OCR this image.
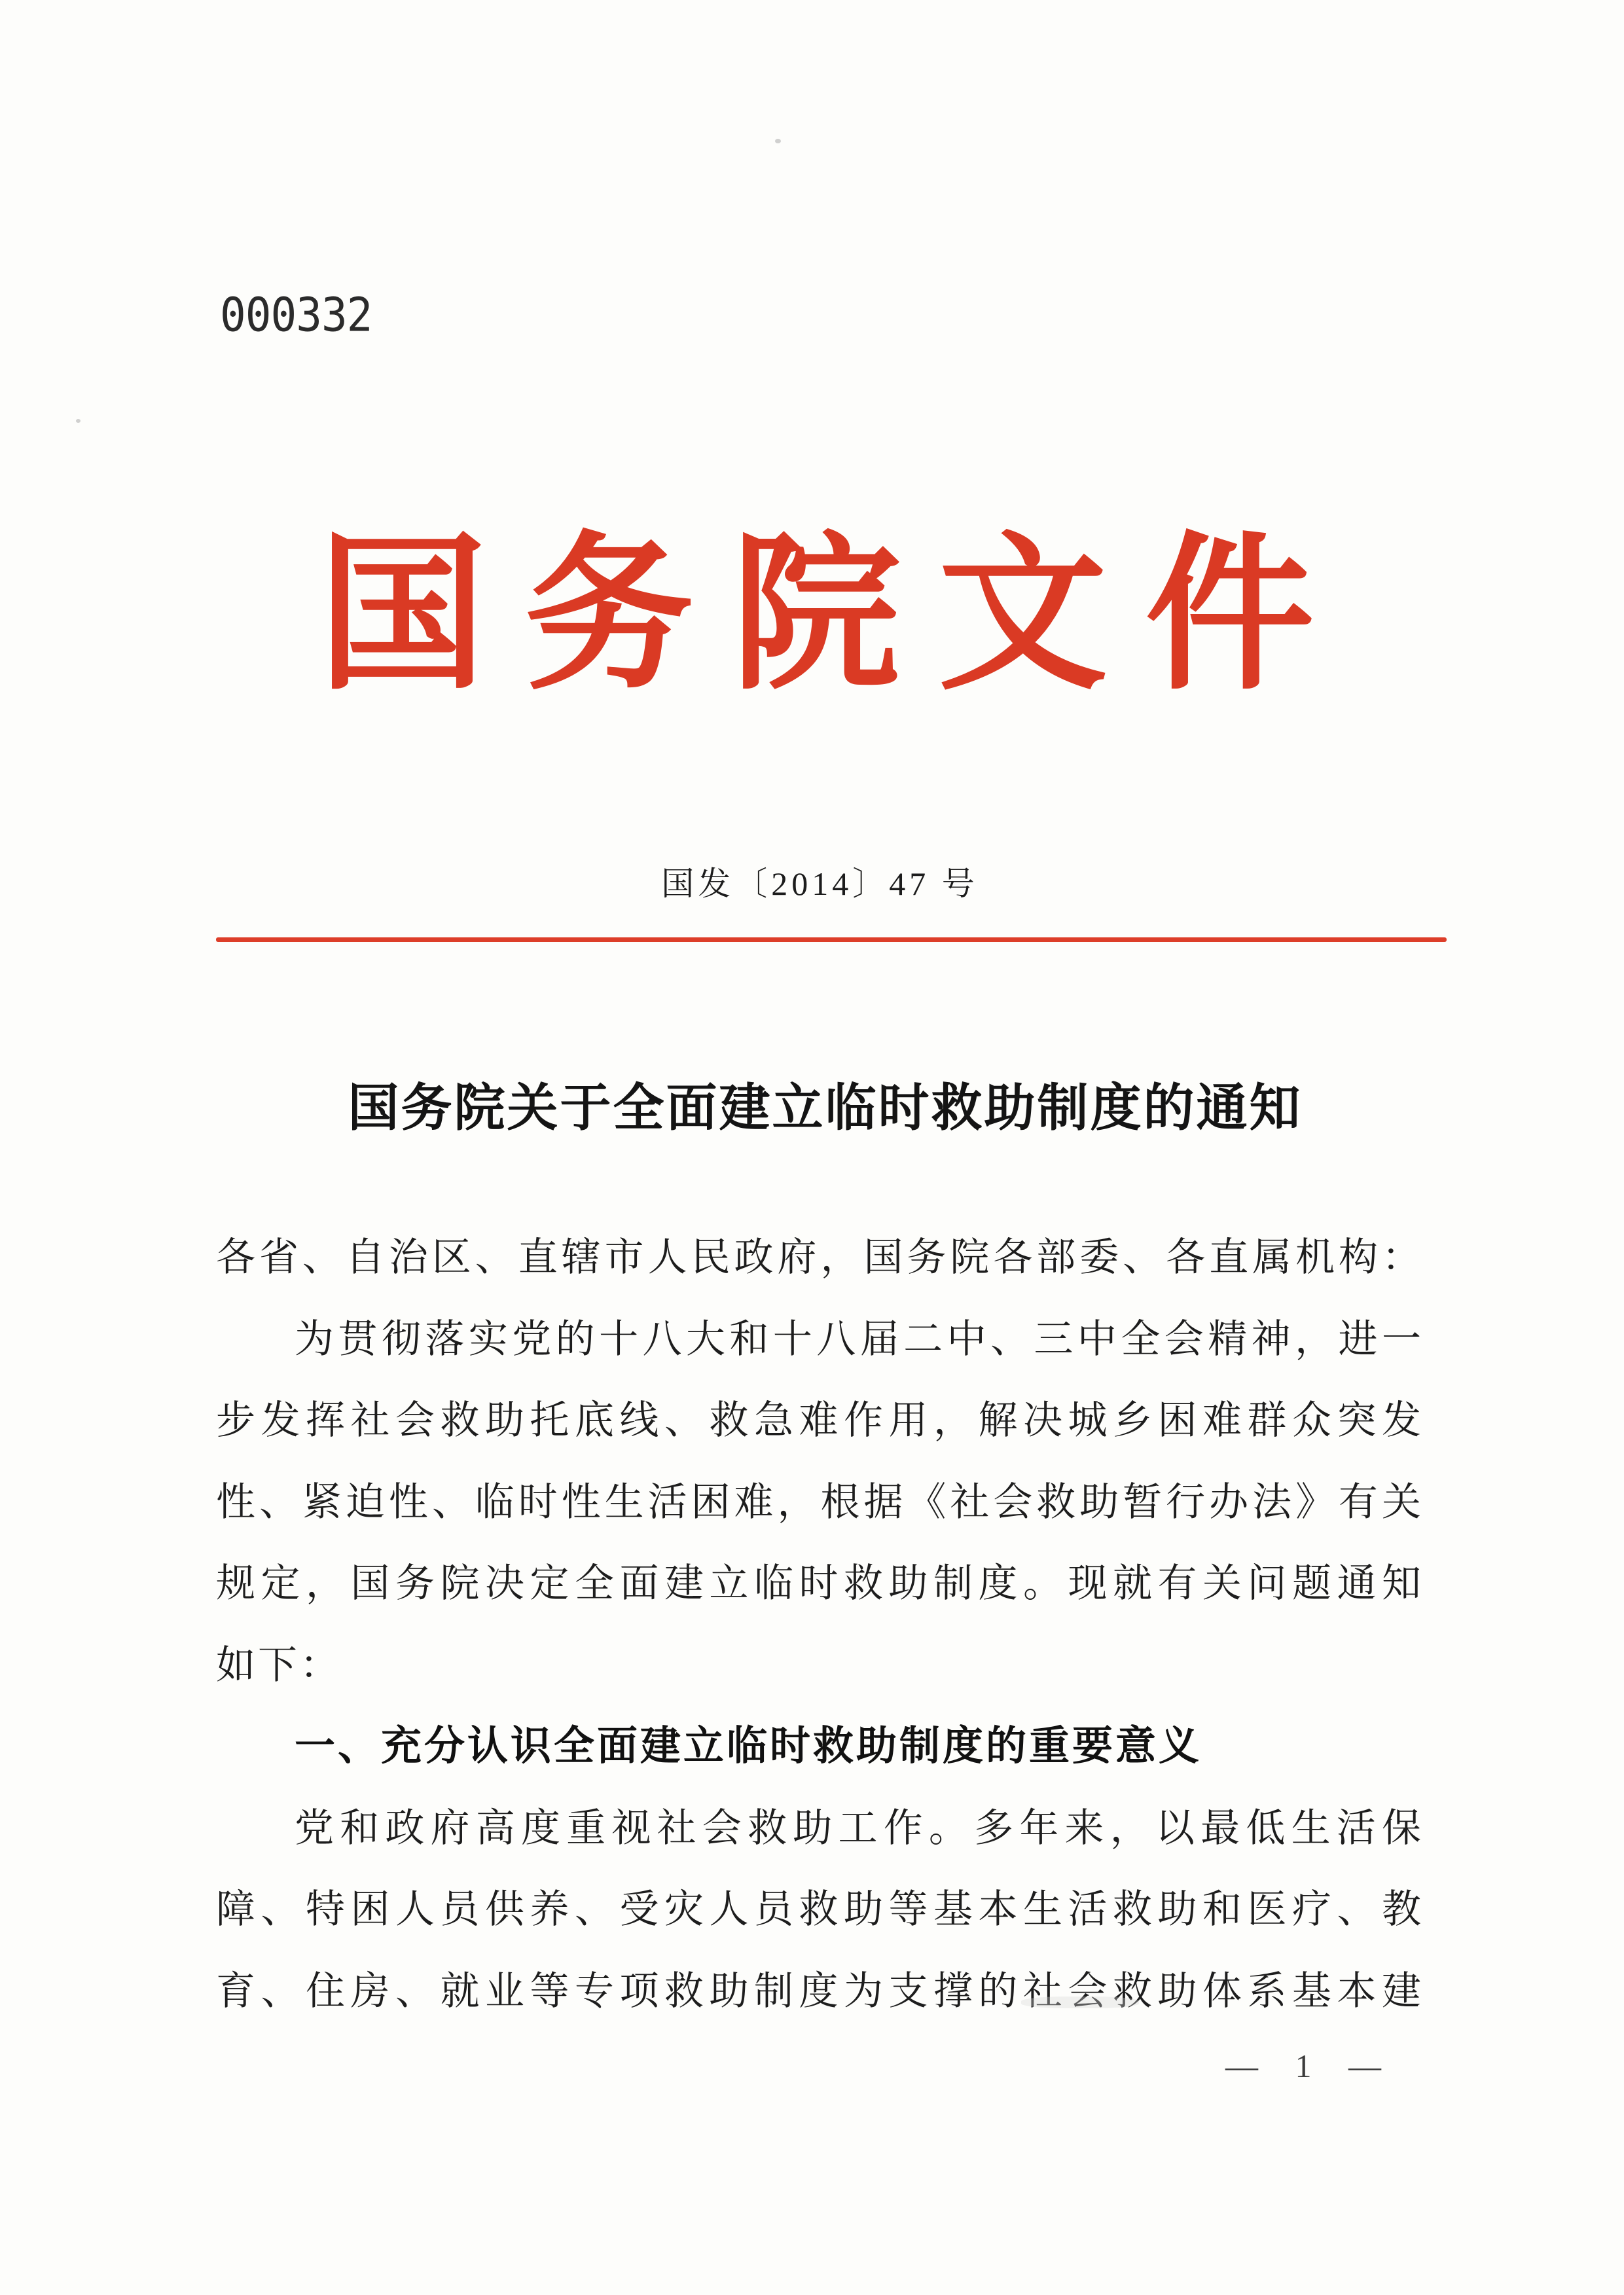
000332
国务院文件
国发〔2014〕47 号
国务院关于全面建立临时救助制度的通知
各省、自治区、直辖市人民政府，国务院各部委、各直属机构：
为贯彻落实党的十八大和十八届二中、三中全会精神，进一
步发挥社会救助托底线、救急难作用，解决城乡困难群众突发
性、紧迫性、临时性生活困难，根据《社会救助暂行办法》有关
规定，国务院决定全面建立临时救助制度。现就有关问题通知
如下：
一、充分认识全面建立临时救助制度的重要意义
党和政府高度重视社会救助工作。多年来，以最低生活保
障、特困人员供养、受灾人员救助等基本生活救助和医疗、教
育、住房、就业等专项救助制度为支撑的社会救助体系基本建
— 1 —
